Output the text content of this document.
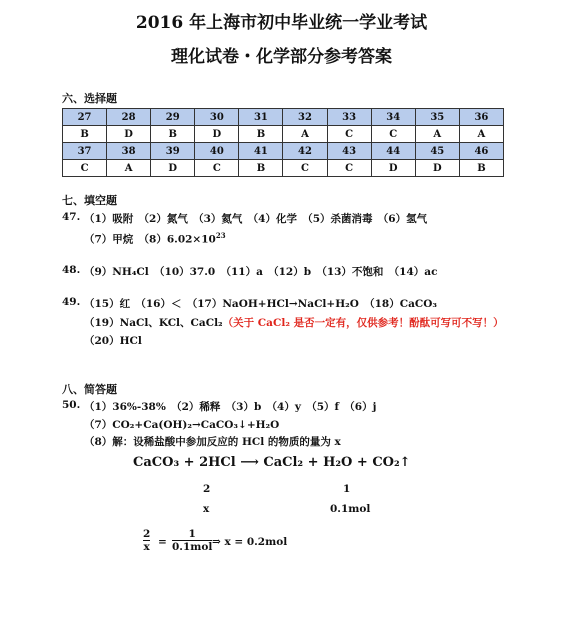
2016 年上海市初中毕业统一学业考试
理化试卷・化学部分参考答案
六、选择题
27	28	29	30	31	32	33	34	35	36
B	D	B	D	B	A	C	C	A	A
37	38	39	40	41	42	43	44	45	46
C	A	D	C	B	C	C	D	D	B
七、填空题
47. （1）吸附　（2）氮气　（3）氦气　（4）化学　（5）杀菌消毒　（6）氢气
（7）甲烷　$(8)6.02\times 10^{23}$
48. （9）NH₄Cl　（10）37.0　（11）a　（12）b　（13）不饱和　（14）ac
49. （15）红　（16）＜　（17）NaOH+HCl→NaCl+H₂O　（18）CaCO₃
（19）NaCl、KCl、CaCl₂（关于 CaCl₂ 是否一定有，仅供参考！酚酞可写可不写！）
（20）HCl
八、简答题
50. （1）36%-38%　（2）稀释　（3）b　（4）y　（5）f　（6）j
（7）CO₂+Ca(OH)₂→CaCO₃↓+H₂O
（8）解：设稀盐酸中参加反应的 HCl 的物质的量为 x
CaCO₃ + 2HCl ⟶ CaCl₂ + H₂O + CO₂↑
2	1
x	0.1mol
2
x =
1
0.1mol ⇒ x = 0.2mol
